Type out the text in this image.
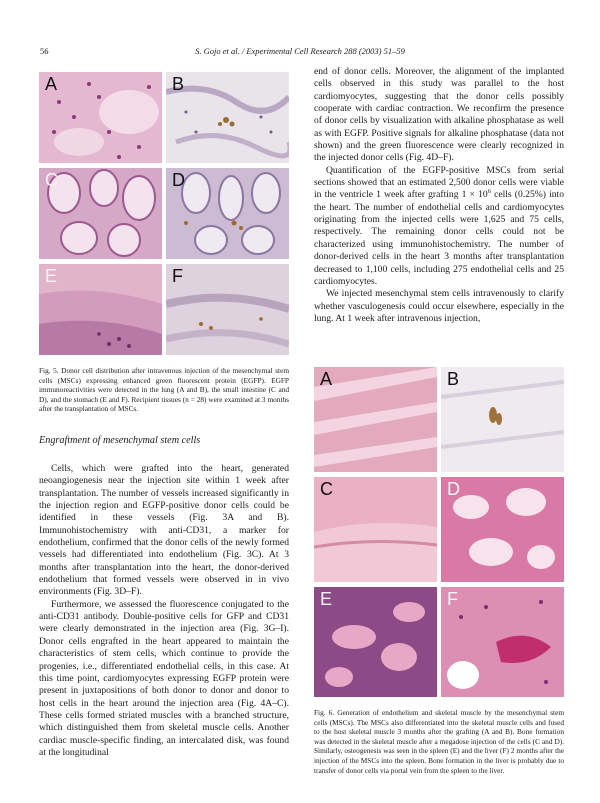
56	S. Gojo et al. / Experimental Cell Research 288 (2003) 51–59
A	B
C	D
E	F

end of donor cells. Moreover, the alignment of the implanted cells observed in this study was parallel to the host cardiomyocytes, suggesting that the donor cells possibly cooperate with cardiac contraction. We reconfirm the presence of donor cells by visualization with alkaline phosphatase as well as with EGFP. Positive signals for alkaline phosphatase (data not shown) and the green fluorescence were clearly recognized in the injected donor cells (Fig. 4D–F).

Quantification of the EGFP-positive MSCs from serial sections showed that an estimated 2,500 donor cells were viable in the ventricle 1 week after grafting $1 \times 10^6$ cells (0.25%) into the heart. The number of endothelial cells and cardiomyocytes originating from the injected cells were 1,625 and 75 cells, respectively. The remaining donor cells could not be characterized using immunohistochemistry. The number of donor-derived cells in the heart 3 months after transplantation decreased to 1,100 cells, including 275 endothelial cells and 25 cardiomyocytes.

We injected mesenchymal stem cells intravenously to clarify whether vasculogenesis could occur elsewhere, especially in the lung. At 1 week after intravenous injection,

Fig. 5. Donor cell distribution after intravenous injection of the mesenchymal stem cells (MSCs) expressing enhanced green fluorescent protein (EGFP). EGFP immunoreactivities were detected in the lung (A and B), the small intestine (C and D), and the stomach (E and F). Recipient tissues (n = 28) were examined at 3 months after the transplantation of MSCs.
Engraftment of mesenchymal stem cells

Cells, which were grafted into the heart, generated neoangiogenesis near the injection site within 1 week after transplantation. The number of vessels increased significantly in the injection region and EGFP-positive donor cells could be identified in these vessels (Fig. 3A and B). Immunohistochemistry with anti-CD31, a marker for endothelium, confirmed that the donor cells of the newly formed vessels had differentiated into endothelium (Fig. 3C). At 3 months after transplantation into the heart, the donor-derived endothelium that formed vessels were observed in in vivo environments (Fig. 3D–F).

Furthermore, we assessed the fluorescence conjugated to the anti-CD31 antibody. Double-positive cells for GFP and CD31 were clearly demonstrated in the injection area (Fig. 3G–I). Donor cells engrafted in the heart appeared to maintain the characteristics of stem cells, which continue to provide the progenies, i.e., differentiated endothelial cells, in this case. At this time point, cardiomyocytes expressing EGFP protein were present in juxtapositions of both donor to donor and donor to host cells in the heart around the injection area (Fig. 4A–C). These cells formed striated muscles with a branched structure, which distinguished them from skeletal muscle cells. Another cardiac muscle-specific finding, an intercalated disk, was found at the longitudinal

A	B
C	D
E	F
Fig. 6. Generation of endothelium and skeletal muscle by the mesenchymal stem cells (MSCs). The MSCs also differentiated into the skeletal muscle cells and fused to the host skeletal muscle 3 months after the grafting (A and B). Bone formation was detected in the skeletal muscle after a megadose injection of the cells (C and D). Similarly, osteogenesis was seen in the spleen (E) and the liver (F) 2 months after the injection of the MSCs into the spleen. Bone formation in the liver is probably due to transfer of donor cells via portal vein from the spleen to the liver.
